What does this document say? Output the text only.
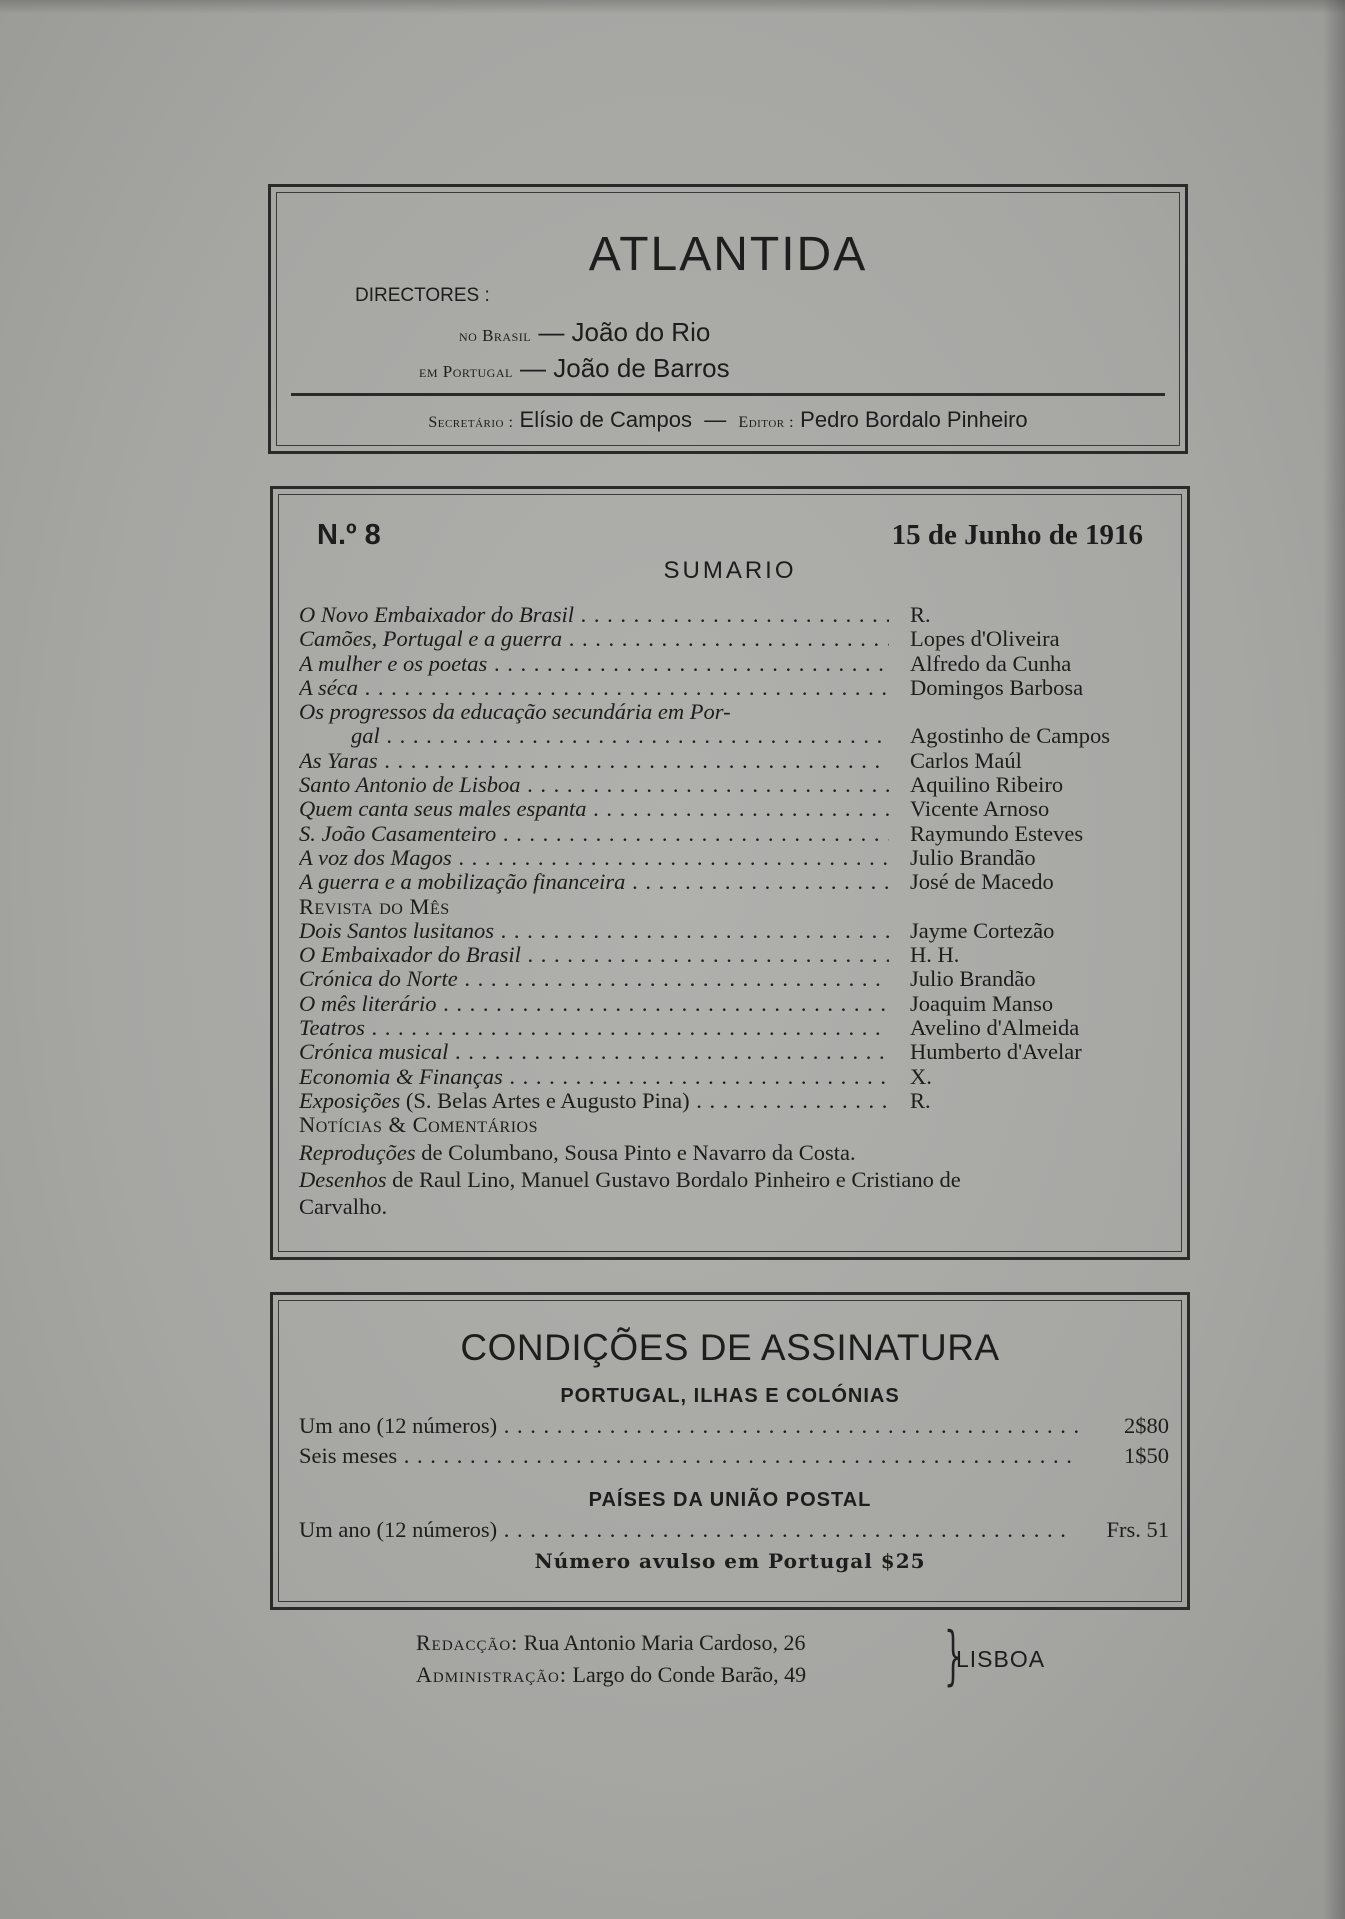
ATLANTIDA
DIRECTORES :
no Brasil — João do Rio
em Portugal — João de Barros
Secretário : Elísio de Campos  — Editor : Pedro Bordalo Pinheiro
N.º 8	15 de Junho de 1916
SUMARIO
O Novo Embaixador do Brasil . . .	R.
Camões, Portugal e a guerra . . .	Lopes d'Oliveira
A mulher e os poetas . . .	Alfredo da Cunha
A séca . . .	Domingos Barbosa
Os progressos da educação secundária em Por-
gal . . .	Agostinho de Campos
As Yaras . . .	Carlos Maúl
Santo Antonio de Lisboa . . .	Aquilino Ribeiro
Quem canta seus males espanta . . .	Vicente Arnoso
S. João Casamenteiro . . .	Raymundo Esteves
A voz dos Magos . . .	Julio Brandão
A guerra e a mobilização financeira . . .	José de Macedo
Revista do Mês
Dois Santos lusitanos . . .	Jayme Cortezão
O Embaixador do Brasil . . .	H. H.
Crónica do Norte . . .	Julio Brandão
O mês literário . . .	Joaquim Manso
Teatros . . .	Avelino d'Almeida
Crónica musical . . .	Humberto d'Avelar
Economia & Finanças . . .	X.
Exposições (S. Belas Artes e Augusto Pina) . . .	R.
Notícias & Comentários
Reproduções de Columbano, Sousa Pinto e Navarro da Costa.
Desenhos de Raul Lino, Manuel Gustavo Bordalo Pinheiro e Cristiano de
Carvalho.
CONDIÇÕES DE ASSINATURA
PORTUGAL, ILHAS E COLÓNIAS
Um ano (12 números) . . .	2$80
Seis meses . . .	1$50
PAÍSES DA UNIÃO POSTAL
Um ano (12 números) . . .	Frs. 51
Número avulso em Portugal $25
Redacção: Rua Antonio Maria Cardoso, 26
Administração: Largo do Conde Barão, 49 }
LISBOA
